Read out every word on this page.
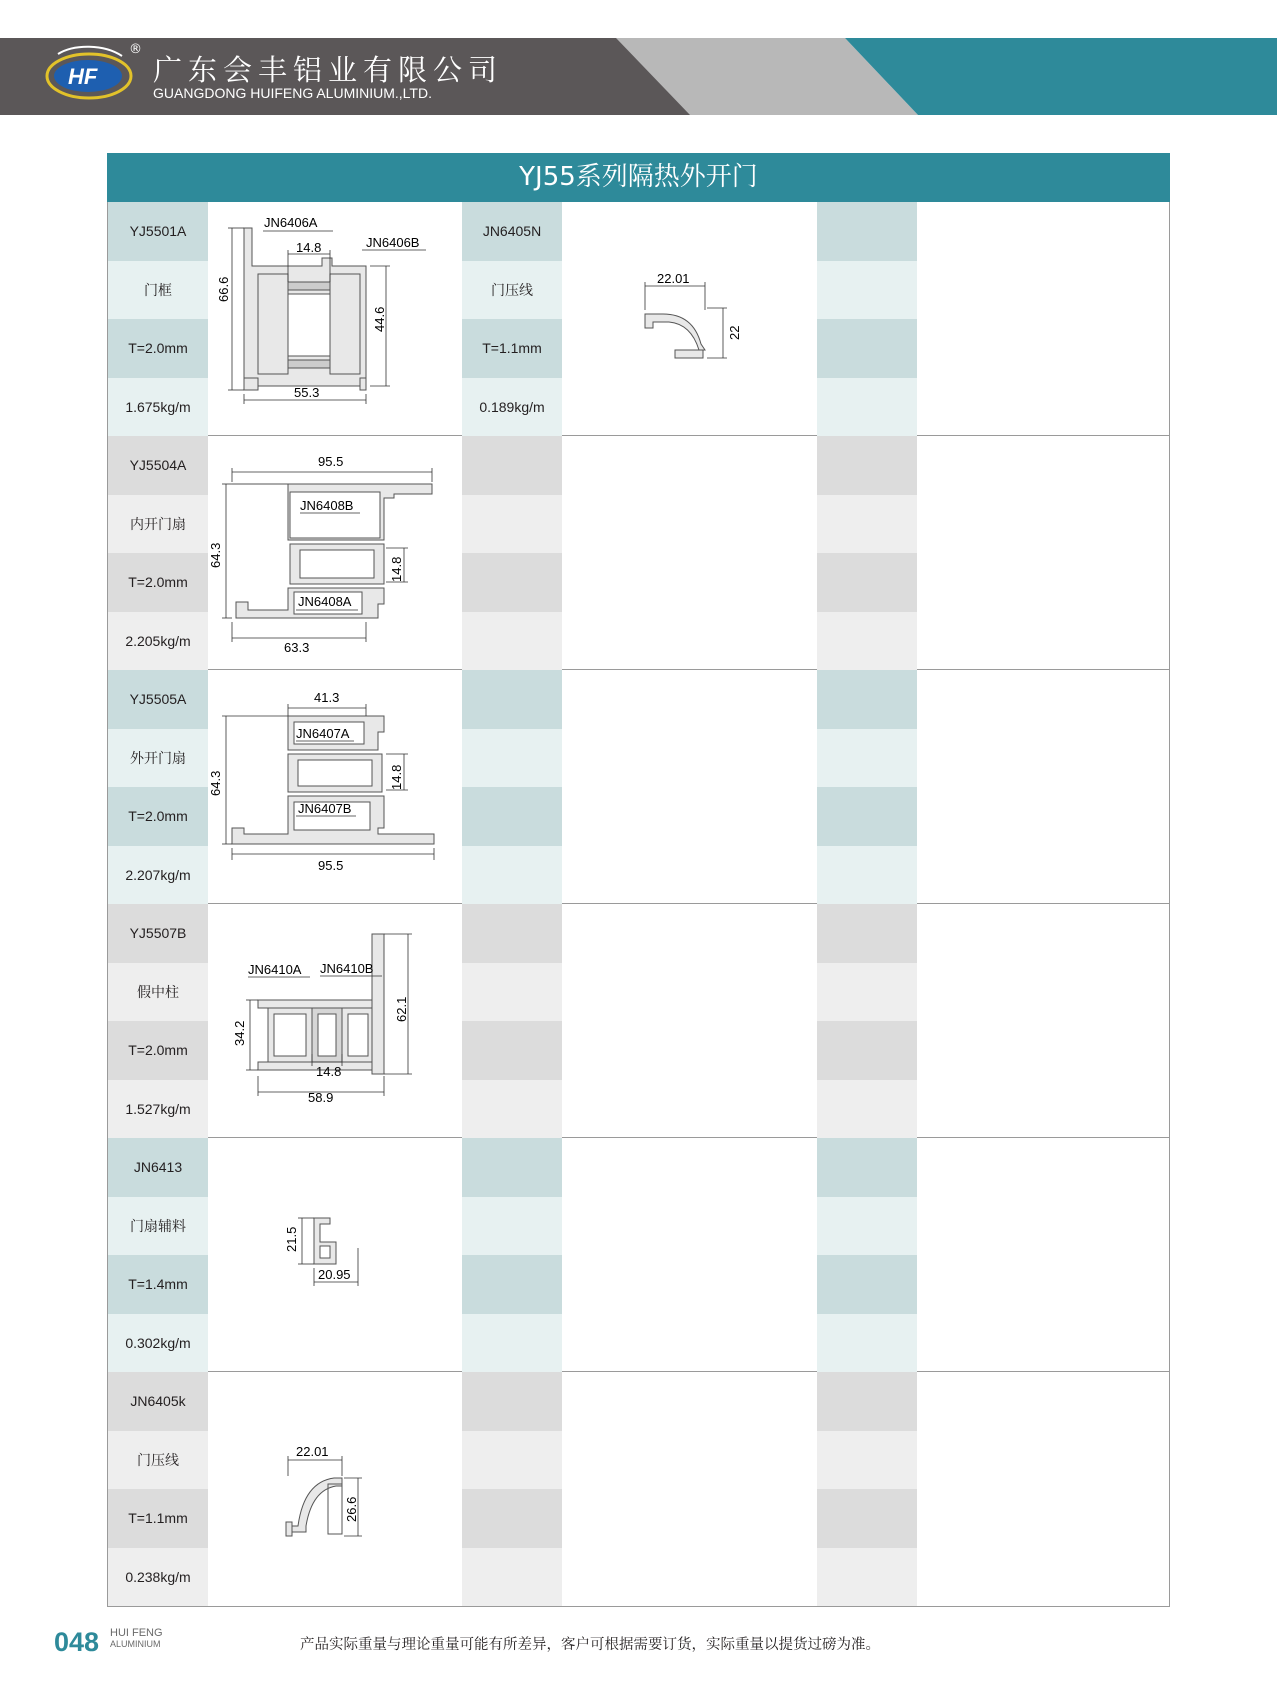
HF
®
广东会丰铝业有限公司
GUANGDONG HUIFENG ALUMINIUM.,LTD.
YJ55系列隔热外开门
YJ5501A
门框
T=2.0mm
1.675kg/m
JN6406A
JN6406B
14.8
66.6
44.6
55.3
JN6405N
门压线
T=1.1mm
0.189kg/m
22.01
22
YJ5504A
内开门扇
T=2.0mm
2.205kg/m
95.5
JN6408B
64.3
14.8
JN6408A
63.3
YJ5505A
外开门扇
T=2.0mm
2.207kg/m
41.3
JN6407A
64.3	14.8
JN6407B
95.5
YJ5507B
假中柱
T=2.0mm
1.527kg/m
JN6410A JN6410B
34.2
62.1
14.8
58.9
JN6413
门扇辅料
T=1.4mm
0.302kg/m
21.5
20.95
JN6405k
门压线
T=1.1mm
0.238kg/m
22.01
26.6
048 HUI FENG
ALUMINIUM	产品实际重量与理论重量可能有所差异，客户可根据需要订货，实际重量以提货过磅为准。
